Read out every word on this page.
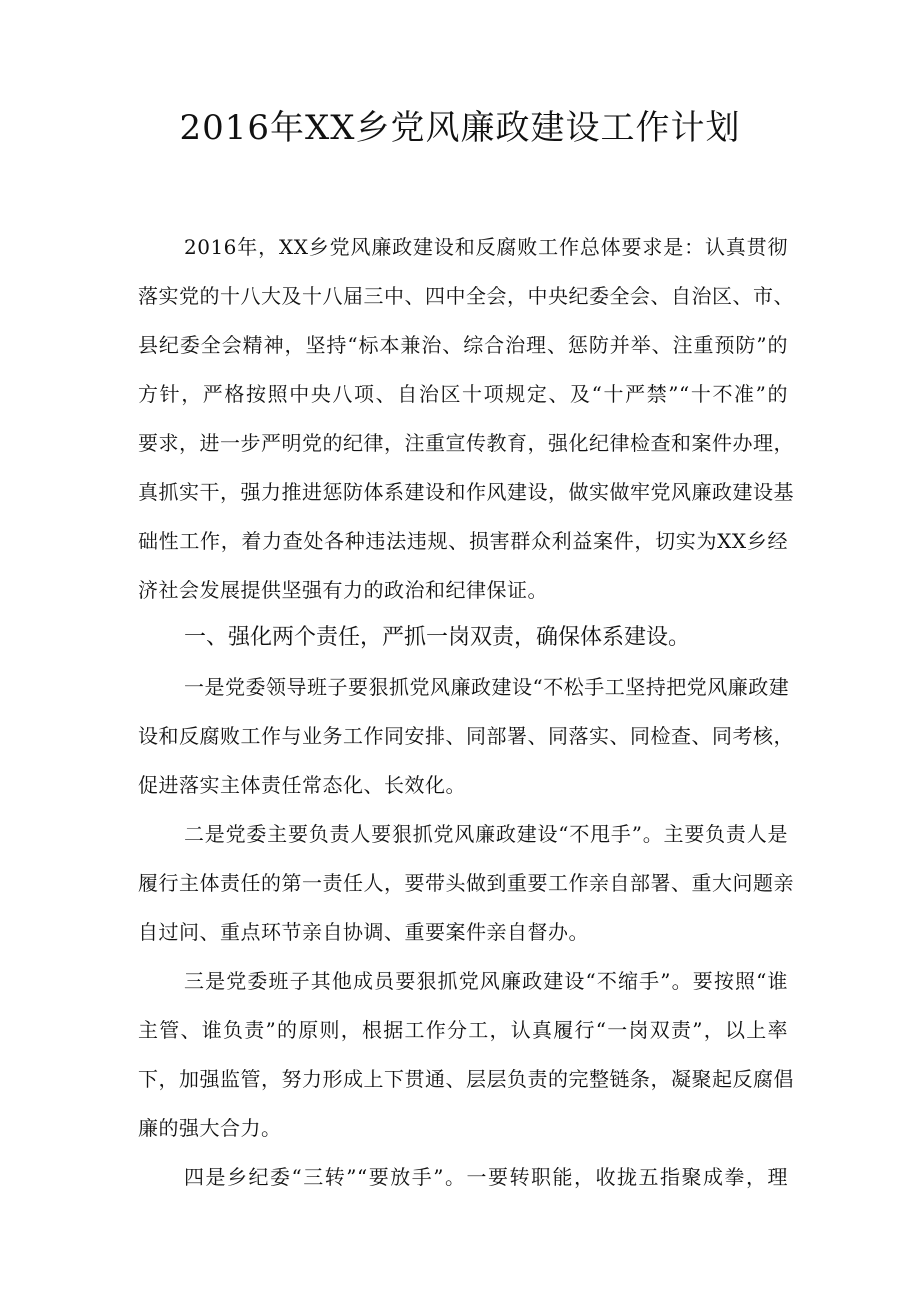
2016年XX乡党风廉政建设工作计划
2016年，XX乡党风廉政建设和反腐败工作总体要求是：认真贯彻
落实党的十八大及十八届三中、四中全会，中央纪委全会、自治区、市、
县纪委全会精神，坚持“标本兼治、综合治理、惩防并举、注重预防”的
方针，严格按照中央八项、自治区十项规定、及“十严禁”“十不准”的
要求，进一步严明党的纪律，注重宣传教育，强化纪律检查和案件办理，
真抓实干，强力推进惩防体系建设和作风建设，做实做牢党风廉政建设基
础性工作，着力查处各种违法违规、损害群众利益案件，切实为XX乡经
济社会发展提供坚强有力的政治和纪律保证。
一、强化两个责任，严抓一岗双责，确保体系建设。
一是党委领导班子要狠抓党风廉政建设“不松手工坚持把党风廉政建
设和反腐败工作与业务工作同安排、同部署、同落实、同检查、同考核，
促进落实主体责任常态化、长效化。
二是党委主要负责人要狠抓党风廉政建设“不甩手”。主要负责人是
履行主体责任的第一责任人，要带头做到重要工作亲自部署、重大问题亲
自过问、重点环节亲自协调、重要案件亲自督办。
三是党委班子其他成员要狠抓党风廉政建设“不缩手”。要按照“谁
主管、谁负责”的原则，根据工作分工，认真履行“一岗双责”，以上率
下，加强监管，努力形成上下贯通、层层负责的完整链条，凝聚起反腐倡
廉的强大合力。
四是乡纪委“三转”“要放手”。一要转职能，收拢五指聚成拳，理
